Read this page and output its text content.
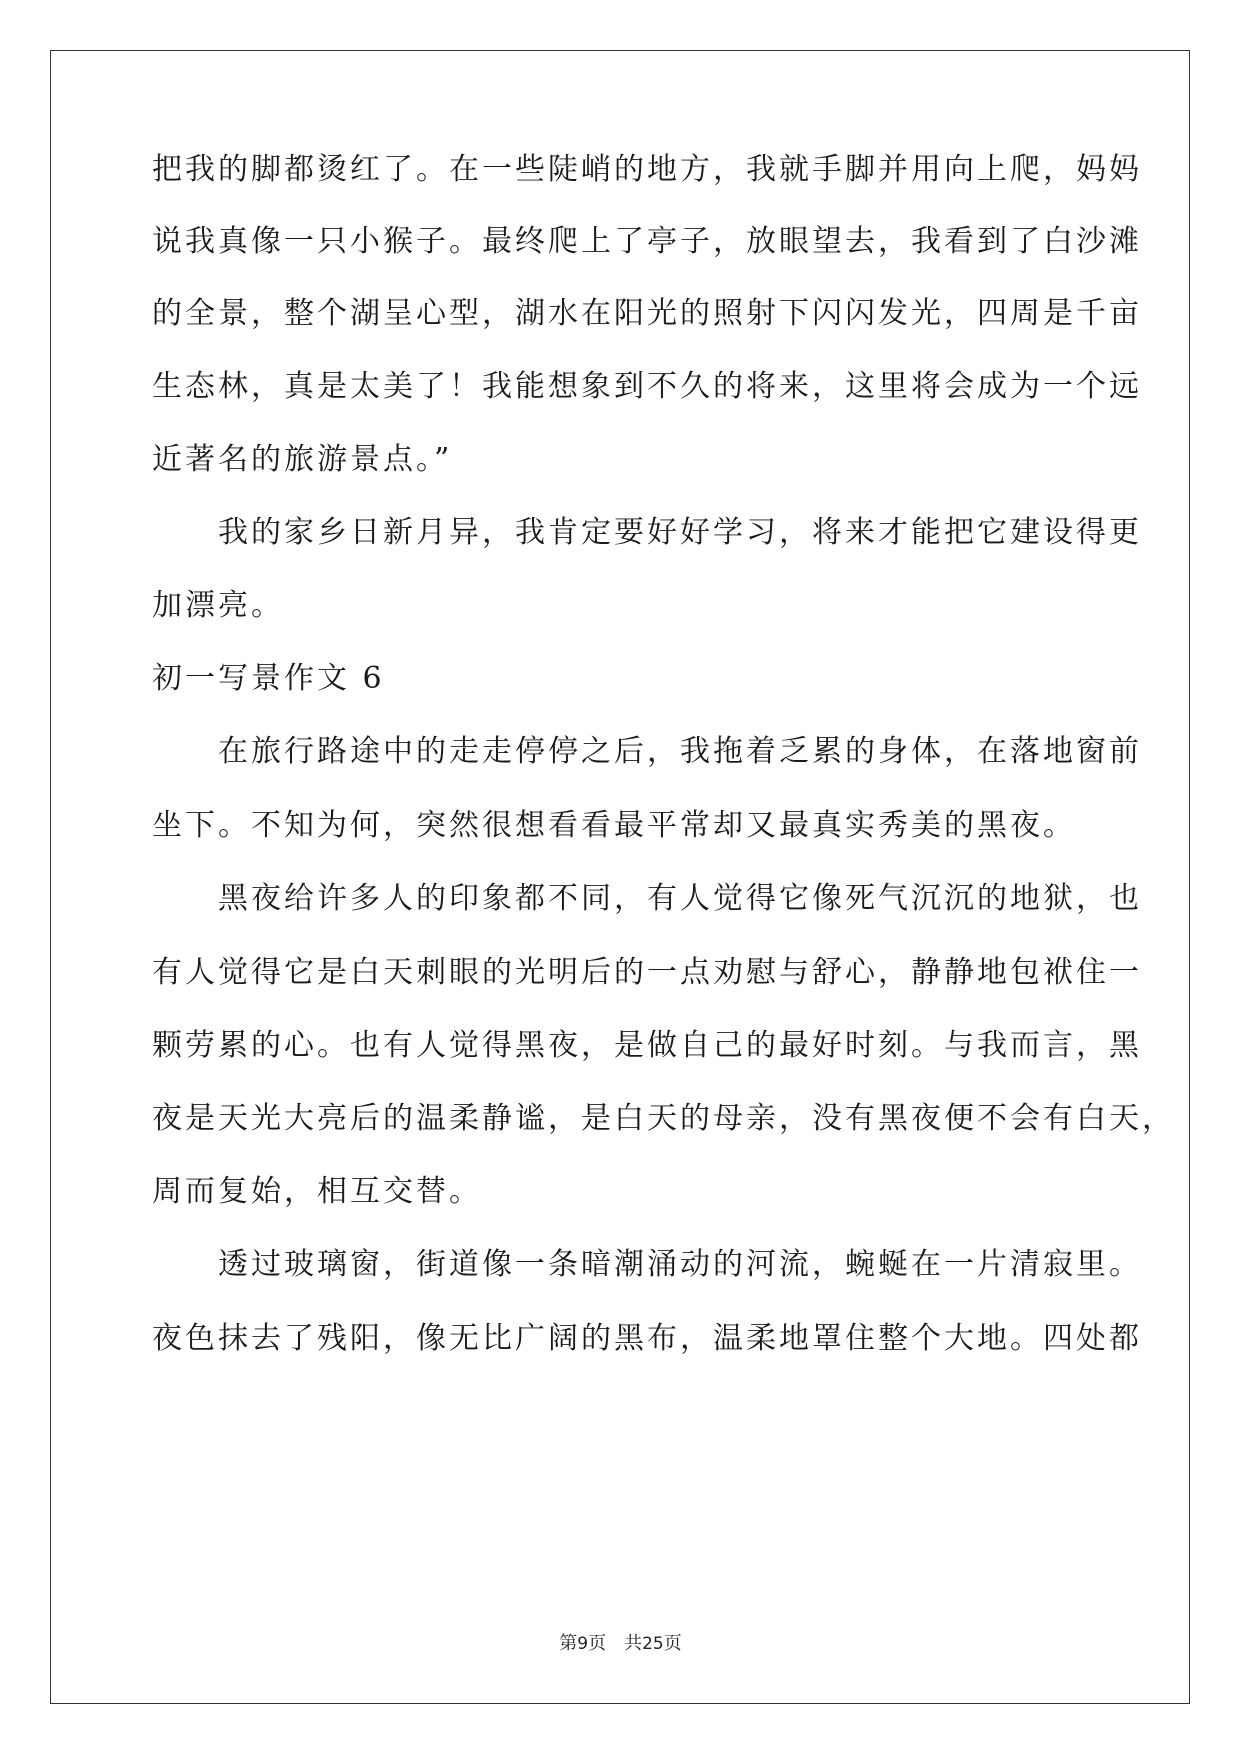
把我的脚都烫红了。在一些陡峭的地方，我就手脚并用向上爬，妈妈
说我真像一只小猴子。最终爬上了亭子，放眼望去，我看到了白沙滩
的全景，整个湖呈心型，湖水在阳光的照射下闪闪发光，四周是千亩
生态林，真是太美了！我能想象到不久的将来，这里将会成为一个远
近著名的旅游景点。”
　　我的家乡日新月异，我肯定要好好学习，将来才能把它建设得更
加漂亮。
初一写景作文 6
　　在旅行路途中的走走停停之后，我拖着乏累的身体，在落地窗前
坐下。不知为何，突然很想看看最平常却又最真实秀美的黑夜。
　　黑夜给许多人的印象都不同，有人觉得它像死气沉沉的地狱，也
有人觉得它是白天刺眼的光明后的一点劝慰与舒心，静静地包袱住一
颗劳累的心。也有人觉得黑夜，是做自己的最好时刻。与我而言，黑
夜是天光大亮后的温柔静谧，是白天的母亲，没有黑夜便不会有白天，
周而复始，相互交替。
　　透过玻璃窗，街道像一条暗潮涌动的河流，蜿蜒在一片清寂里。
夜色抹去了残阳，像无比广阔的黑布，温柔地罩住整个大地。四处都
第9页　共25页
